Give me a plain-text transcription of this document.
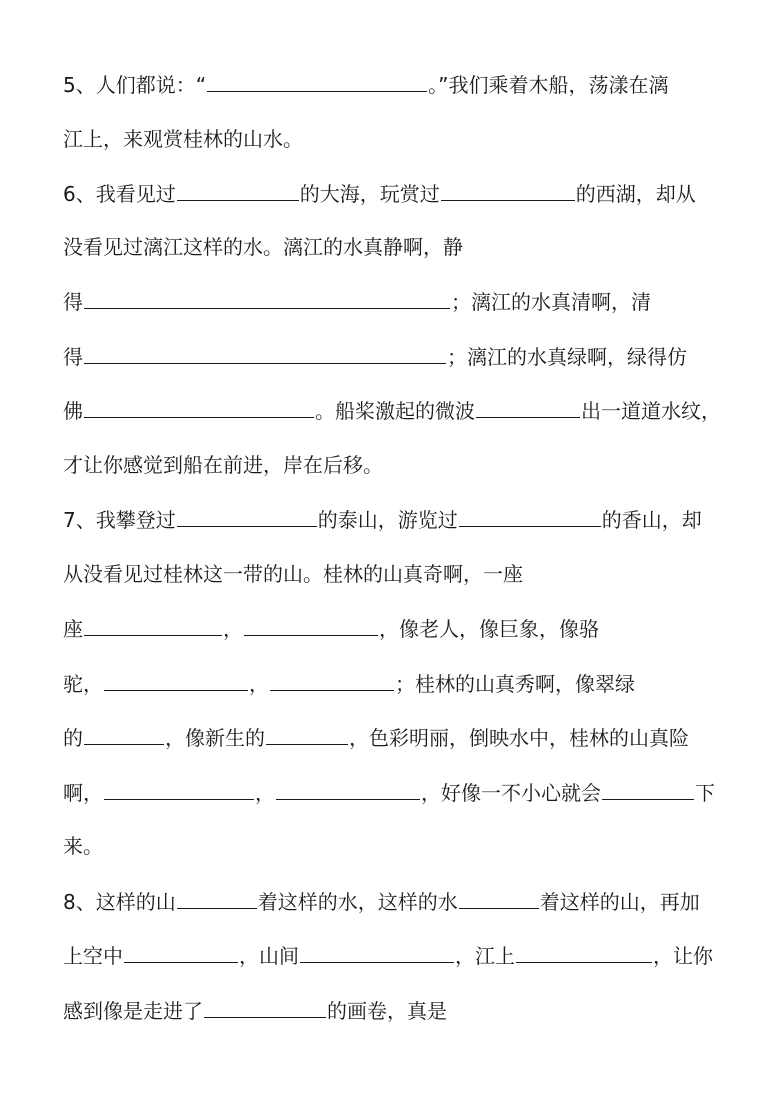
5、人们都说：“	。”我们乘着木船，荡漾在漓
江上，来观赏桂林的山水。
6、我看见过	的大海，玩赏过	的西湖，却从
没看见过漓江这样的水。漓江的水真静啊，静
得	；漓江的水真清啊，清
得	；漓江的水真绿啊，绿得仿
佛	。船桨激起的微波	出一道道水纹，
才让你感觉到船在前进，岸在后移。
7、我攀登过	的泰山，游览过	的香山，却
从没看见过桂林这一带的山。桂林的山真奇啊，一座
座	，	，像老人，像巨象，像骆
驼，	，	；桂林的山真秀啊，像翠绿
的	，像新生的	，色彩明丽，倒映水中，桂林的山真险
啊，	，	，好像一不小心就会	下
来。
8、这样的山	着这样的水，这样的水	着这样的山，再加
上空中	，山间	，江上	，让你
感到像是走进了	的画卷，真是
